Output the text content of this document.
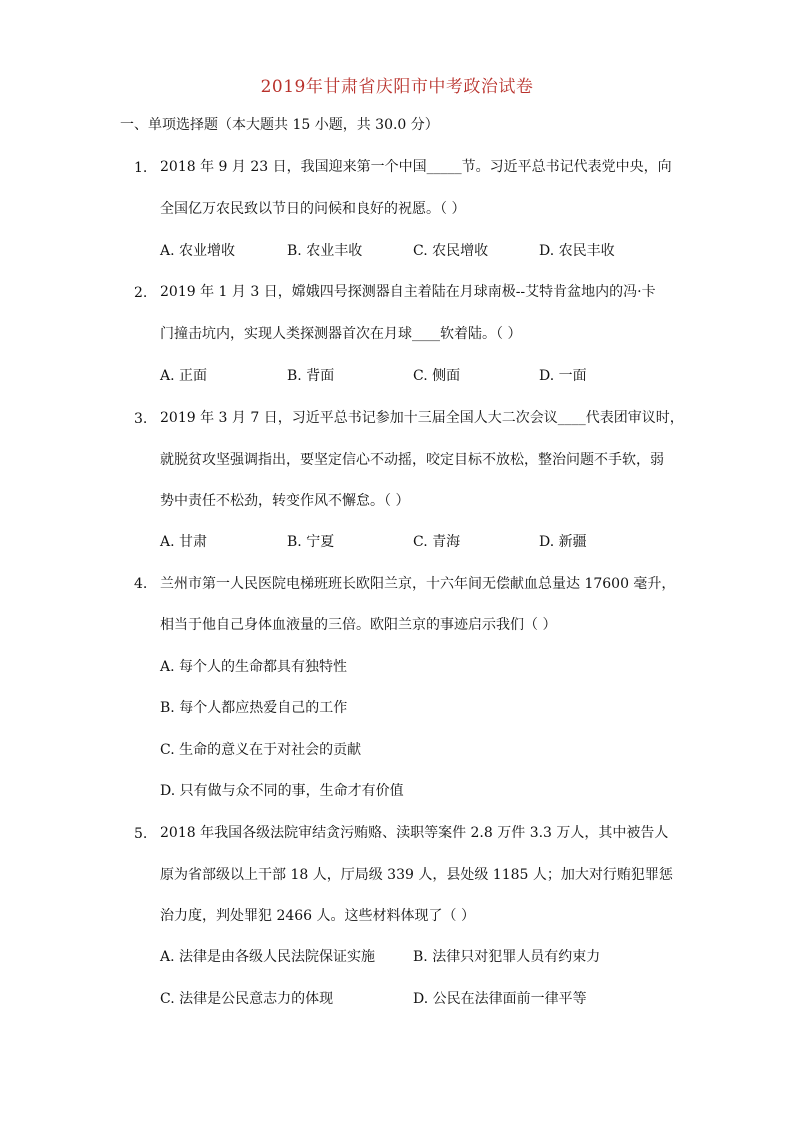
2019年甘肃省庆阳市中考政治试卷
一、单项选择题（本大题共 15 小题，共 30.0 分）
1. 2018 年 9 月 23 日，我国迎来第一个中国_____节。习近平总书记代表党中央，向
全国亿万农民致以节日的问候和良好的祝愿。（ ）
A. 农业增收	B. 农业丰收	C. 农民增收	D. 农民丰收
2. 2019 年 1 月 3 日，嫦娥四号探测器自主着陆在月球南极--艾特肯盆地内的冯·卡
门撞击坑内，实现人类探测器首次在月球____软着陆。（ ）
A. 正面	B. 背面	C. 侧面	D. 一面
3. 2019 年 3 月 7 日，习近平总书记参加十三届全国人大二次会议____代表团审议时，
就脱贫攻坚强调指出，要坚定信心不动摇，咬定目标不放松，整治问题不手软，弱
势中责任不松劲，转变作风不懈怠。（ ）
A. 甘肃	B. 宁夏	C. 青海	D. 新疆
4. 兰州市第一人民医院电梯班班长欧阳兰京，十六年间无偿献血总量达 17600 毫升，
相当于他自己身体血液量的三倍。欧阳兰京的事迹启示我们（ ）
A. 每个人的生命都具有独特性
B. 每个人都应热爱自己的工作
C. 生命的意义在于对社会的贡献
D. 只有做与众不同的事，生命才有价值
5. 2018 年我国各级法院审结贪污贿赂、渎职等案件 2.8 万件 3.3 万人，其中被告人
原为省部级以上干部 18 人，厅局级 339 人，县处级 1185 人；加大对行贿犯罪惩
治力度，判处罪犯 2466 人。这些材料体现了（ ）
A. 法律是由各级人民法院保证实施	B. 法律只对犯罪人员有约束力
C. 法律是公民意志力的体现	D. 公民在法律面前一律平等
